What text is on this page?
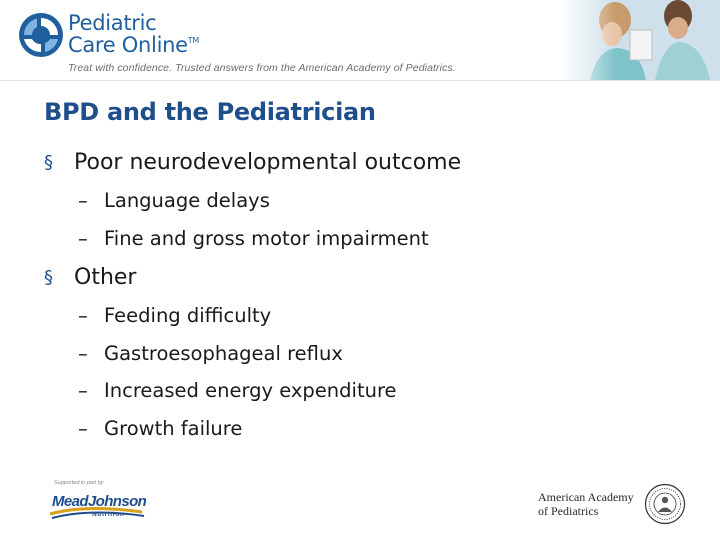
Pediatric
Care Online™
Treat with confidence. Trusted answers from the American Academy of Pediatrics.
BPD and the Pediatrician
§ Poor neurodevelopmental outcome
– Language delays
– Fine and gross motor impairment
§ Other
– Feeding difficulty
– Gastroesophageal reflux
– Increased energy expenditure
– Growth failure
Supported in part by
MeadJohnson
Nutrition
American Academy
of Pediatrics
